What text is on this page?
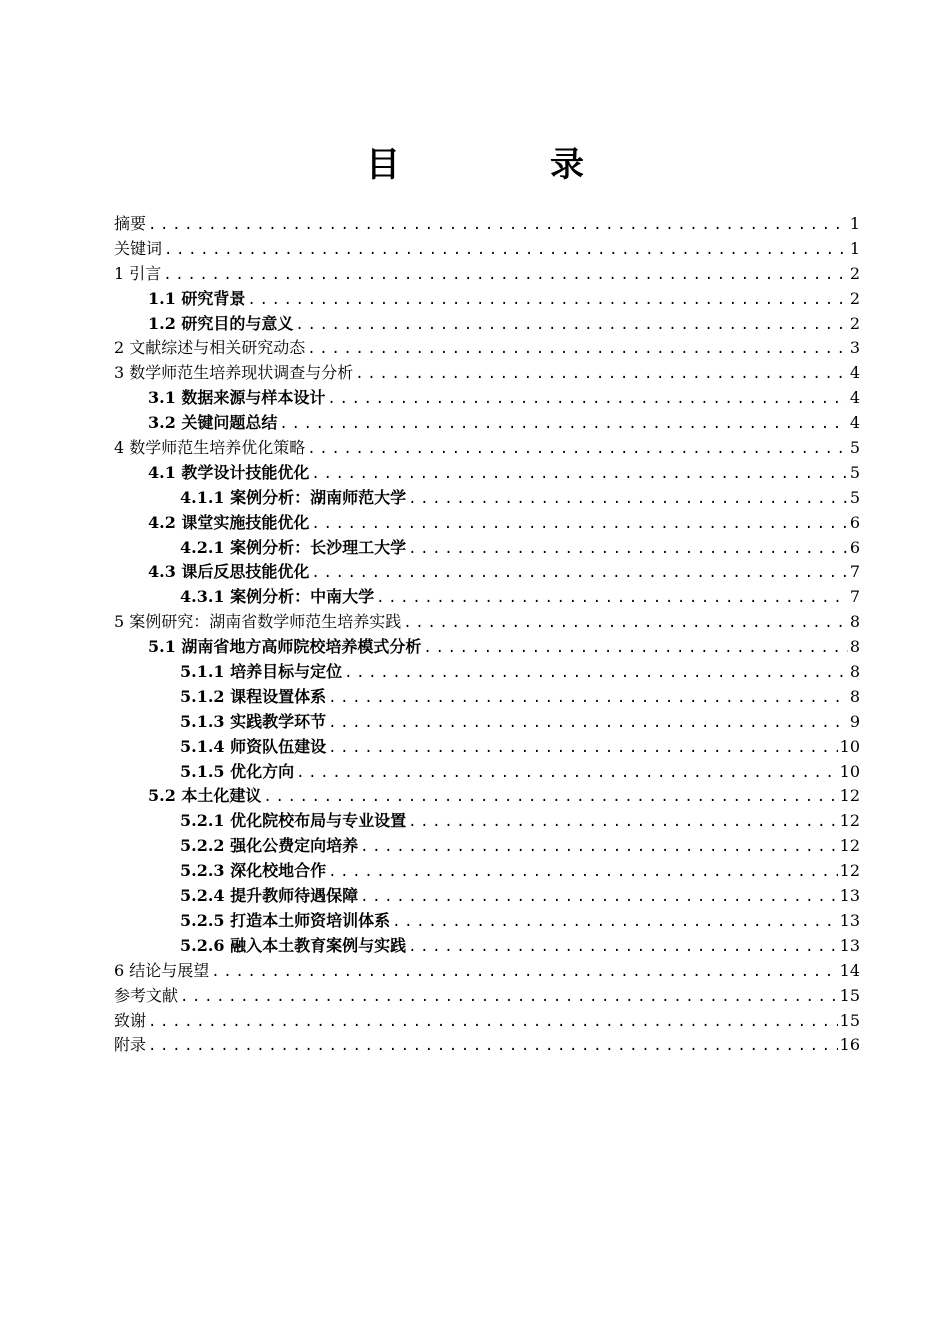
目　录
摘要 .....	1
关键词 .....	1
1 引言 .....	2
1.1 研究背景 .....	2
1.2 研究目的与意义 .....	2
2 文献综述与相关研究动态 .....	3
3 数学师范生培养现状调查与分析 .....	4
3.1 数据来源与样本设计 .....	4
3.2 关键问题总结 .....	4
4 数学师范生培养优化策略 .....	5
4.1 教学设计技能优化 .....	5
4.1.1 案例分析：湖南师范大学 .....	5
4.2 课堂实施技能优化 .....	6
4.2.1 案例分析：长沙理工大学 .....	6
4.3 课后反思技能优化 .....	7
4.3.1 案例分析：中南大学 .....	7
5 案例研究：湖南省数学师范生培养实践 .....	8
5.1 湖南省地方高师院校培养模式分析 .....	8
5.1.1 培养目标与定位 .....	8
5.1.2 课程设置体系 .....	8
5.1.3 实践教学环节 .....	9
5.1.4 师资队伍建设 .....	10
5.1.5 优化方向 .....	10
5.2 本土化建议 .....	12
5.2.1 优化院校布局与专业设置 .....	12
5.2.2 强化公费定向培养 .....	12
5.2.3 深化校地合作 .....	12
5.2.4 提升教师待遇保障 .....	13
5.2.5 打造本土师资培训体系 .....	13
5.2.6 融入本土教育案例与实践 .....	13
6 结论与展望 .....	14
参考文献 .....	15
致谢 .....	15
附录 .....	16
